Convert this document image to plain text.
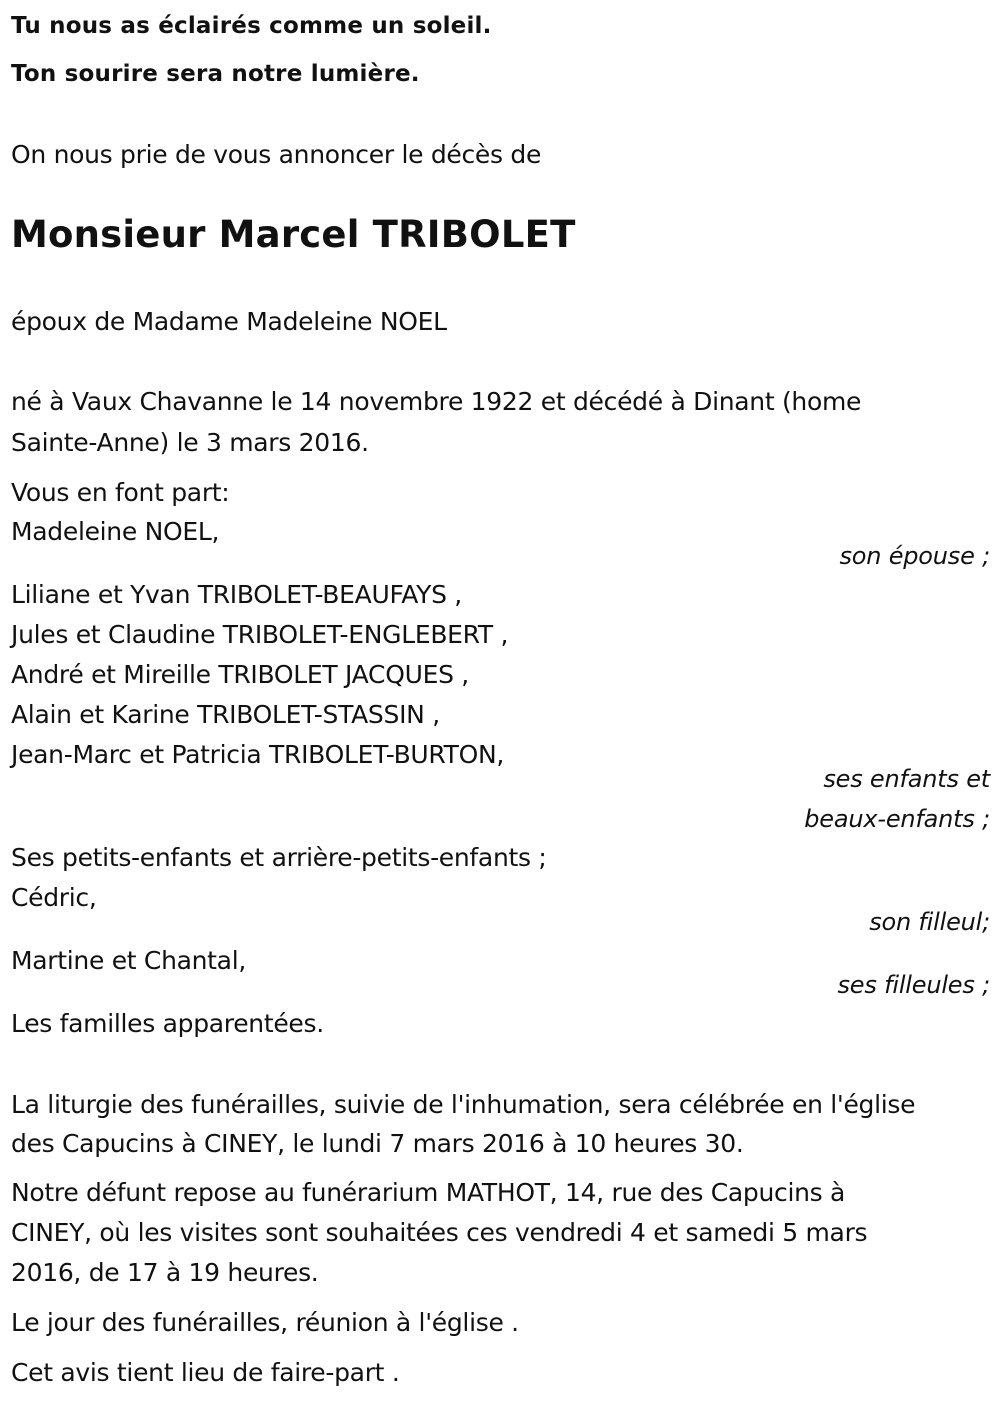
Tu nous as éclairés comme un soleil.
Ton sourire sera notre lumière.
On nous prie de vous annoncer le décès de
Monsieur Marcel TRIBOLET
époux de Madame Madeleine NOEL
né à Vaux Chavanne le 14 novembre 1922 et décédé à Dinant (home
Sainte-Anne) le 3 mars 2016.
Vous en font part:
Madeleine NOEL,
son épouse ;
Liliane et Yvan TRIBOLET-BEAUFAYS ,
Jules et Claudine TRIBOLET-ENGLEBERT ,
André et Mireille TRIBOLET JACQUES ,
Alain et Karine TRIBOLET-STASSIN ,
Jean-Marc et Patricia TRIBOLET-BURTON,
ses enfants et
beaux-enfants ;
Ses petits-enfants et arrière-petits-enfants ;
Cédric,
son filleul;
Martine et Chantal,
ses filleules ;
Les familles apparentées.
La liturgie des funérailles, suivie de l'inhumation, sera célébrée en l'église
des Capucins à CINEY, le lundi 7 mars 2016 à 10 heures 30.
Notre défunt repose au funérarium MATHOT, 14, rue des Capucins à
CINEY, où les visites sont souhaitées ces vendredi 4 et samedi 5 mars
2016, de 17 à 19 heures.
Le jour des funérailles, réunion à l'église .
Cet avis tient lieu de faire-part .
